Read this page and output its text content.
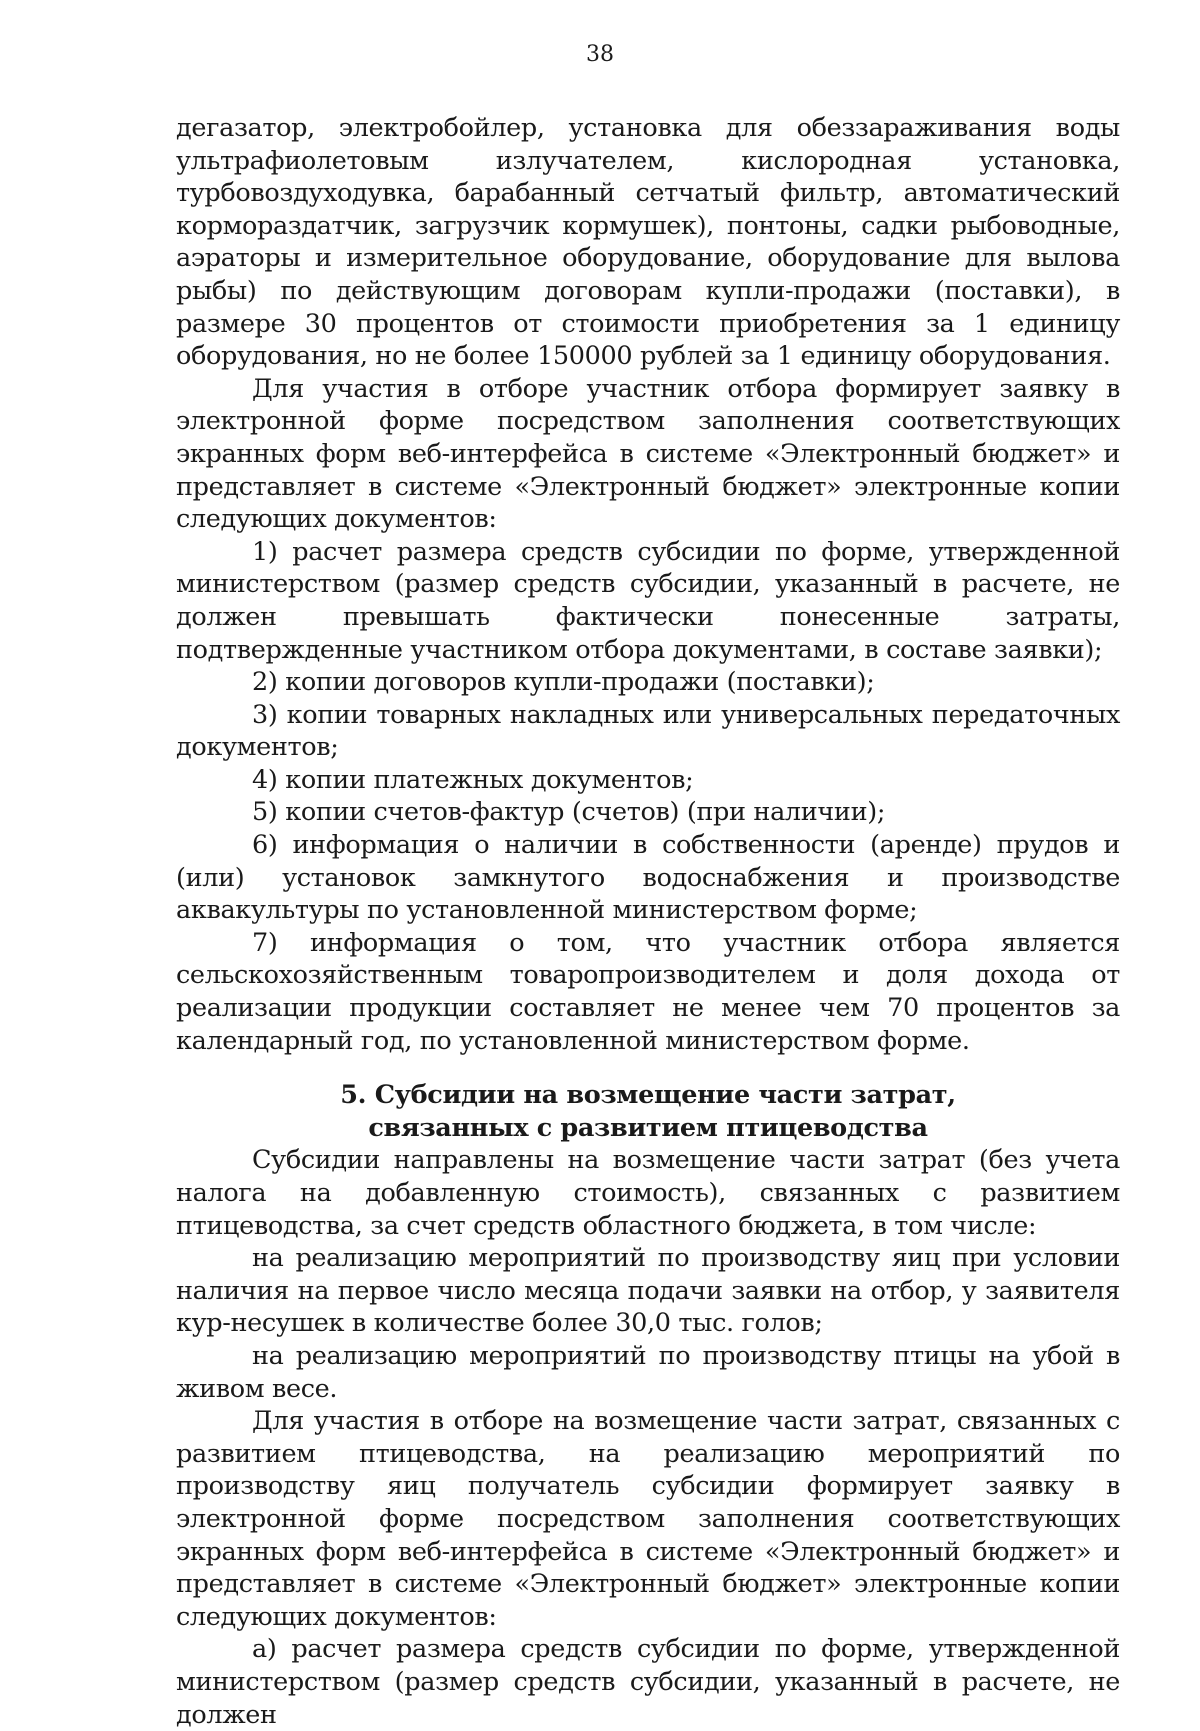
38

дегазатор, электробойлер, установка для обеззараживания воды ультрафиолетовым излучателем, кислородная установка, турбовоздуходувка, барабанный сетчатый фильтр, автоматический кормораздатчик, загрузчик кормушек), понтоны, садки рыбоводные, аэраторы и измерительное оборудование, оборудование для вылова рыбы) по действующим договорам купли-продажи (поставки), в размере 30 процентов от стоимости приобретения за 1 единицу оборудования, но не более 150000 рублей за 1 единицу оборудования.

Для участия в отборе участник отбора формирует заявку в электронной форме посредством заполнения соответствующих экранных форм веб-интерфейса в системе «Электронный бюджет» и представляет в системе «Электронный бюджет» электронные копии следующих документов:

1) расчет размера средств субсидии по форме, утвержденной министерством (размер средств субсидии, указанный в расчете, не должен превышать фактически понесенные затраты, подтвержденные участником отбора документами, в составе заявки);

2) копии договоров купли-продажи (поставки);

3) копии товарных накладных или универсальных передаточных документов;

4) копии платежных документов;

5) копии счетов-фактур (счетов) (при наличии);

6) информация о наличии в собственности (аренде) прудов и (или) установок замкнутого водоснабжения и производстве аквакультуры по установленной министерством форме;

7) информация о том, что участник отбора является сельскохозяйственным товаропроизводителем и доля дохода от реализации продукции составляет не менее чем 70 процентов за календарный год, по установленной министерством форме.

5. Субсидии на возмещение части затрат,
связанных с развитием птицеводства

Субсидии направлены на возмещение части затрат (без учета налога на добавленную стоимость), связанных с развитием птицеводства, за счет средств областного бюджета, в том числе:

на реализацию мероприятий по производству яиц при условии наличия на первое число месяца подачи заявки на отбор, у заявителя кур-несушек в количестве более 30,0 тыс. голов;

на реализацию мероприятий по производству птицы на убой в живом весе.

Для участия в отборе на возмещение части затрат, связанных с развитием птицеводства, на реализацию мероприятий по производству яиц получатель субсидии формирует заявку в электронной форме посредством заполнения соответствующих экранных форм веб-интерфейса в системе «Электронный бюджет» и представляет в системе «Электронный бюджет» электронные копии следующих документов:

а) расчет размера средств субсидии по форме, утвержденной министерством (размер средств субсидии, указанный в расчете, не должен
